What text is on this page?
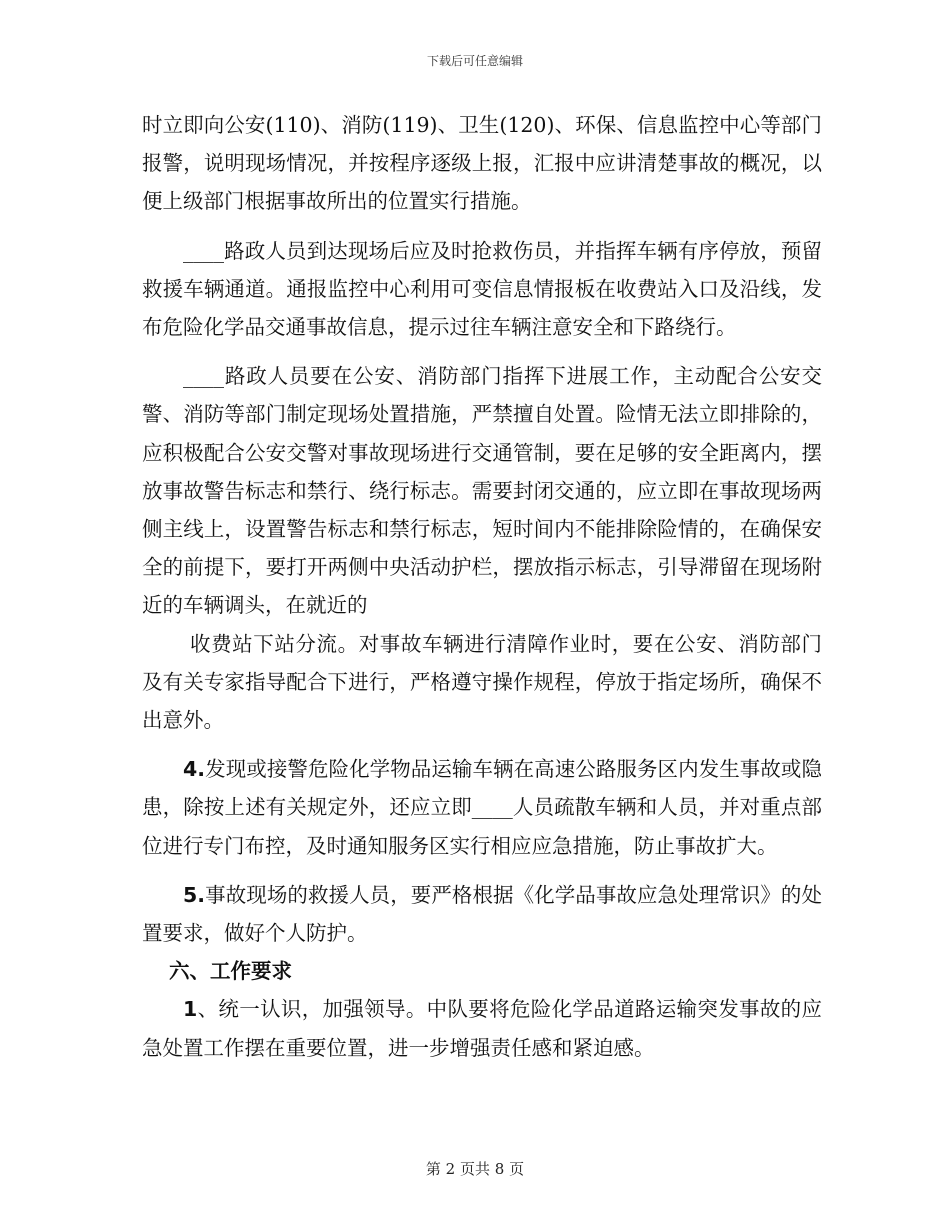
下载后可任意编辑

时立即向公安(110)、消防(119)、卫生(120)、环保、信息监控中心等部门报警，说明现场情况，并按程序逐级上报，汇报中应讲清楚事故的概况，以便上级部门根据事故所出的位置实行措施。

____路政人员到达现场后应及时抢救伤员，并指挥车辆有序停放，预留救援车辆通道。通报监控中心利用可变信息情报板在收费站入口及沿线，发布危险化学品交通事故信息，提示过往车辆注意安全和下路绕行。

____路政人员要在公安、消防部门指挥下进展工作，主动配合公安交警、消防等部门制定现场处置措施，严禁擅自处置。险情无法立即排除的，应积极配合公安交警对事故现场进行交通管制，要在足够的安全距离内，摆放事故警告标志和禁行、绕行标志。需要封闭交通的，应立即在事故现场两侧主线上，设置警告标志和禁行标志，短时间内不能排除险情的，在确保安全的前提下，要打开两侧中央活动护栏，摆放指示标志，引导滞留在现场附近的车辆调头，在就近的

收费站下站分流。对事故车辆进行清障作业时，要在公安、消防部门及有关专家指导配合下进行，严格遵守操作规程，停放于指定场所，确保不出意外。

4.发现或接警危险化学物品运输车辆在高速公路服务区内发生事故或隐患，除按上述有关规定外，还应立即____人员疏散车辆和人员，并对重点部位进行专门布控，及时通知服务区实行相应应急措施，防止事故扩大。

5.事故现场的救援人员，要严格根据《化学品事故应急处理常识》的处置要求，做好个人防护。

六、工作要求

1、统一认识，加强领导。中队要将危险化学品道路运输突发事故的应急处置工作摆在重要位置，进一步增强责任感和紧迫感。

第 2 页共 8 页
